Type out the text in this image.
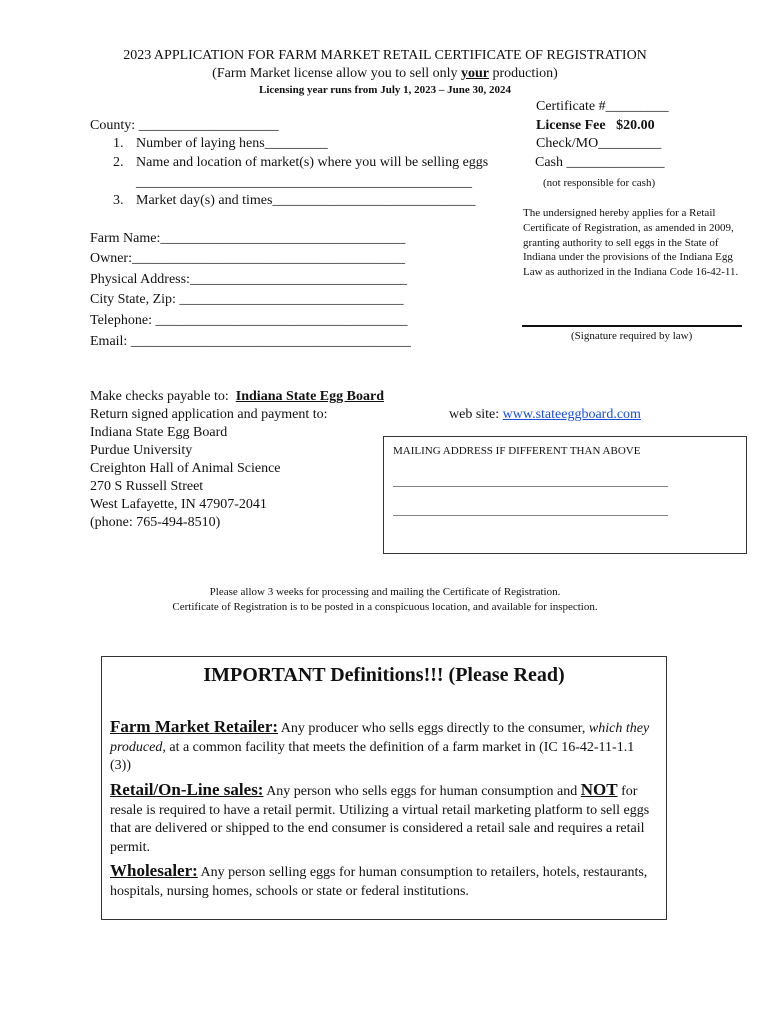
2023 APPLICATION FOR FARM MARKET RETAIL CERTIFICATE OF REGISTRATION
(Farm Market license allow you to sell only your production)
Licensing year runs from July 1, 2023 – June 30, 2024
Certificate #_________
License Fee $20.00
Check/MO_________
Cash ______________
(not responsible for cash)
County: ____________________
1. Number of laying hens_________
2. Name and location of market(s) where you will be selling eggs
________________________________________________
3. Market day(s) and times_____________________________
Farm Name:___________________________________
Owner:_______________________________________
Physical Address:_______________________________
City State, Zip: ________________________________
Telephone: ____________________________________
Email: ________________________________________
The undersigned hereby applies for a Retail Certificate of Registration, as amended in 2009, granting authority to sell eggs in the State of Indiana under the provisions of the Indiana Egg Law as authorized in the Indiana Code 16-42-11.
(Signature required by law)
Make checks payable to: Indiana State Egg Board
Return signed application and payment to:	web site: www.stateeggboard.com
Indiana State Egg Board
Purdue University
Creighton Hall of Animal Science
270 S Russell Street
West Lafayette, IN 47907-2041
(phone: 765-494-8510)
MAILING ADDRESS IF DIFFERENT THAN ABOVE
__________________________________________________
__________________________________________________
Please allow 3 weeks for processing and mailing the Certificate of Registration.
Certificate of Registration is to be posted in a conspicuous location, and available for inspection.
IMPORTANT Definitions!!! (Please Read)
Farm Market Retailer: Any producer who sells eggs directly to the consumer, which they produced, at a common facility that meets the definition of a farm market in (IC 16-42-11-1.1 (3))
Retail/On-Line sales: Any person who sells eggs for human consumption and NOT for resale is required to have a retail permit. Utilizing a virtual retail marketing platform to sell eggs that are delivered or shipped to the end consumer is considered a retail sale and requires a retail permit.
Wholesaler: Any person selling eggs for human consumption to retailers, hotels, restaurants, hospitals, nursing homes, schools or state or federal institutions.
